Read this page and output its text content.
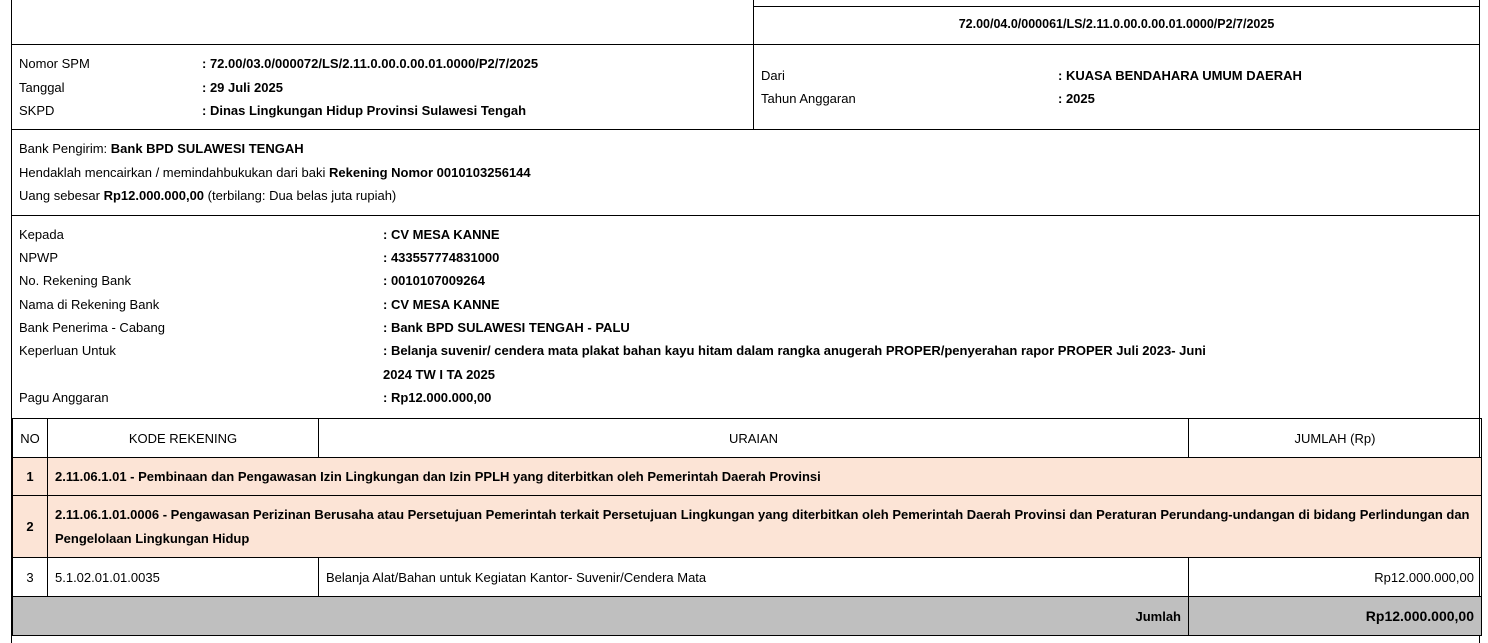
72.00/04.0/000061/LS/2.11.0.00.0.00.01.0000/P2/7/2025
Nomor SPM	: 72.00/03.0/000072/LS/2.11.0.00.0.00.01.0000/P2/7/2025
Tanggal	: 29 Juli 2025
SKPD	: Dinas Lingkungan Hidup Provinsi Sulawesi Tengah
Dari	: KUASA BENDAHARA UMUM DAERAH
Tahun Anggaran	: 2025
Bank Pengirim: Bank BPD SULAWESI TENGAH
Hendaklah mencairkan / memindahbukukan dari baki Rekening Nomor 0010103256144
Uang sebesar Rp12.000.000,00 (terbilang: Dua belas juta rupiah)
Kepada	: CV MESA KANNE
NPWP	: 433557774831000
No. Rekening Bank	: 0010107009264
Nama di Rekening Bank	: CV MESA KANNE
Bank Penerima - Cabang	: Bank BPD SULAWESI TENGAH - PALU
Keperluan Untuk	: Belanja suvenir/ cendera mata plakat bahan kayu hitam dalam rangka anugerah PROPER/penyerahan rapor PROPER Juli 2023- Juni
2024 TW I TA 2025
Pagu Anggaran	: Rp12.000.000,00
NO	KODE REKENING	URAIAN	JUMLAH (Rp)
1	2.11.06.1.01 - Pembinaan dan Pengawasan Izin Lingkungan dan Izin PPLH yang diterbitkan oleh Pemerintah Daerah Provinsi		
2	2.11.06.1.01.0006 - Pengawasan Perizinan Berusaha atau Persetujuan Pemerintah terkait Persetujuan Lingkungan yang diterbitkan oleh Pemerintah Daerah Provinsi dan Peraturan Perundang-undangan di bidang Perlindungan dan Pengelolaan Lingkungan Hidup		
3	5.1.02.01.01.0035	Belanja Alat/Bahan untuk Kegiatan Kantor- Suvenir/Cendera Mata	Rp12.000.000,00
Jumlah			Rp12.000.000,00
